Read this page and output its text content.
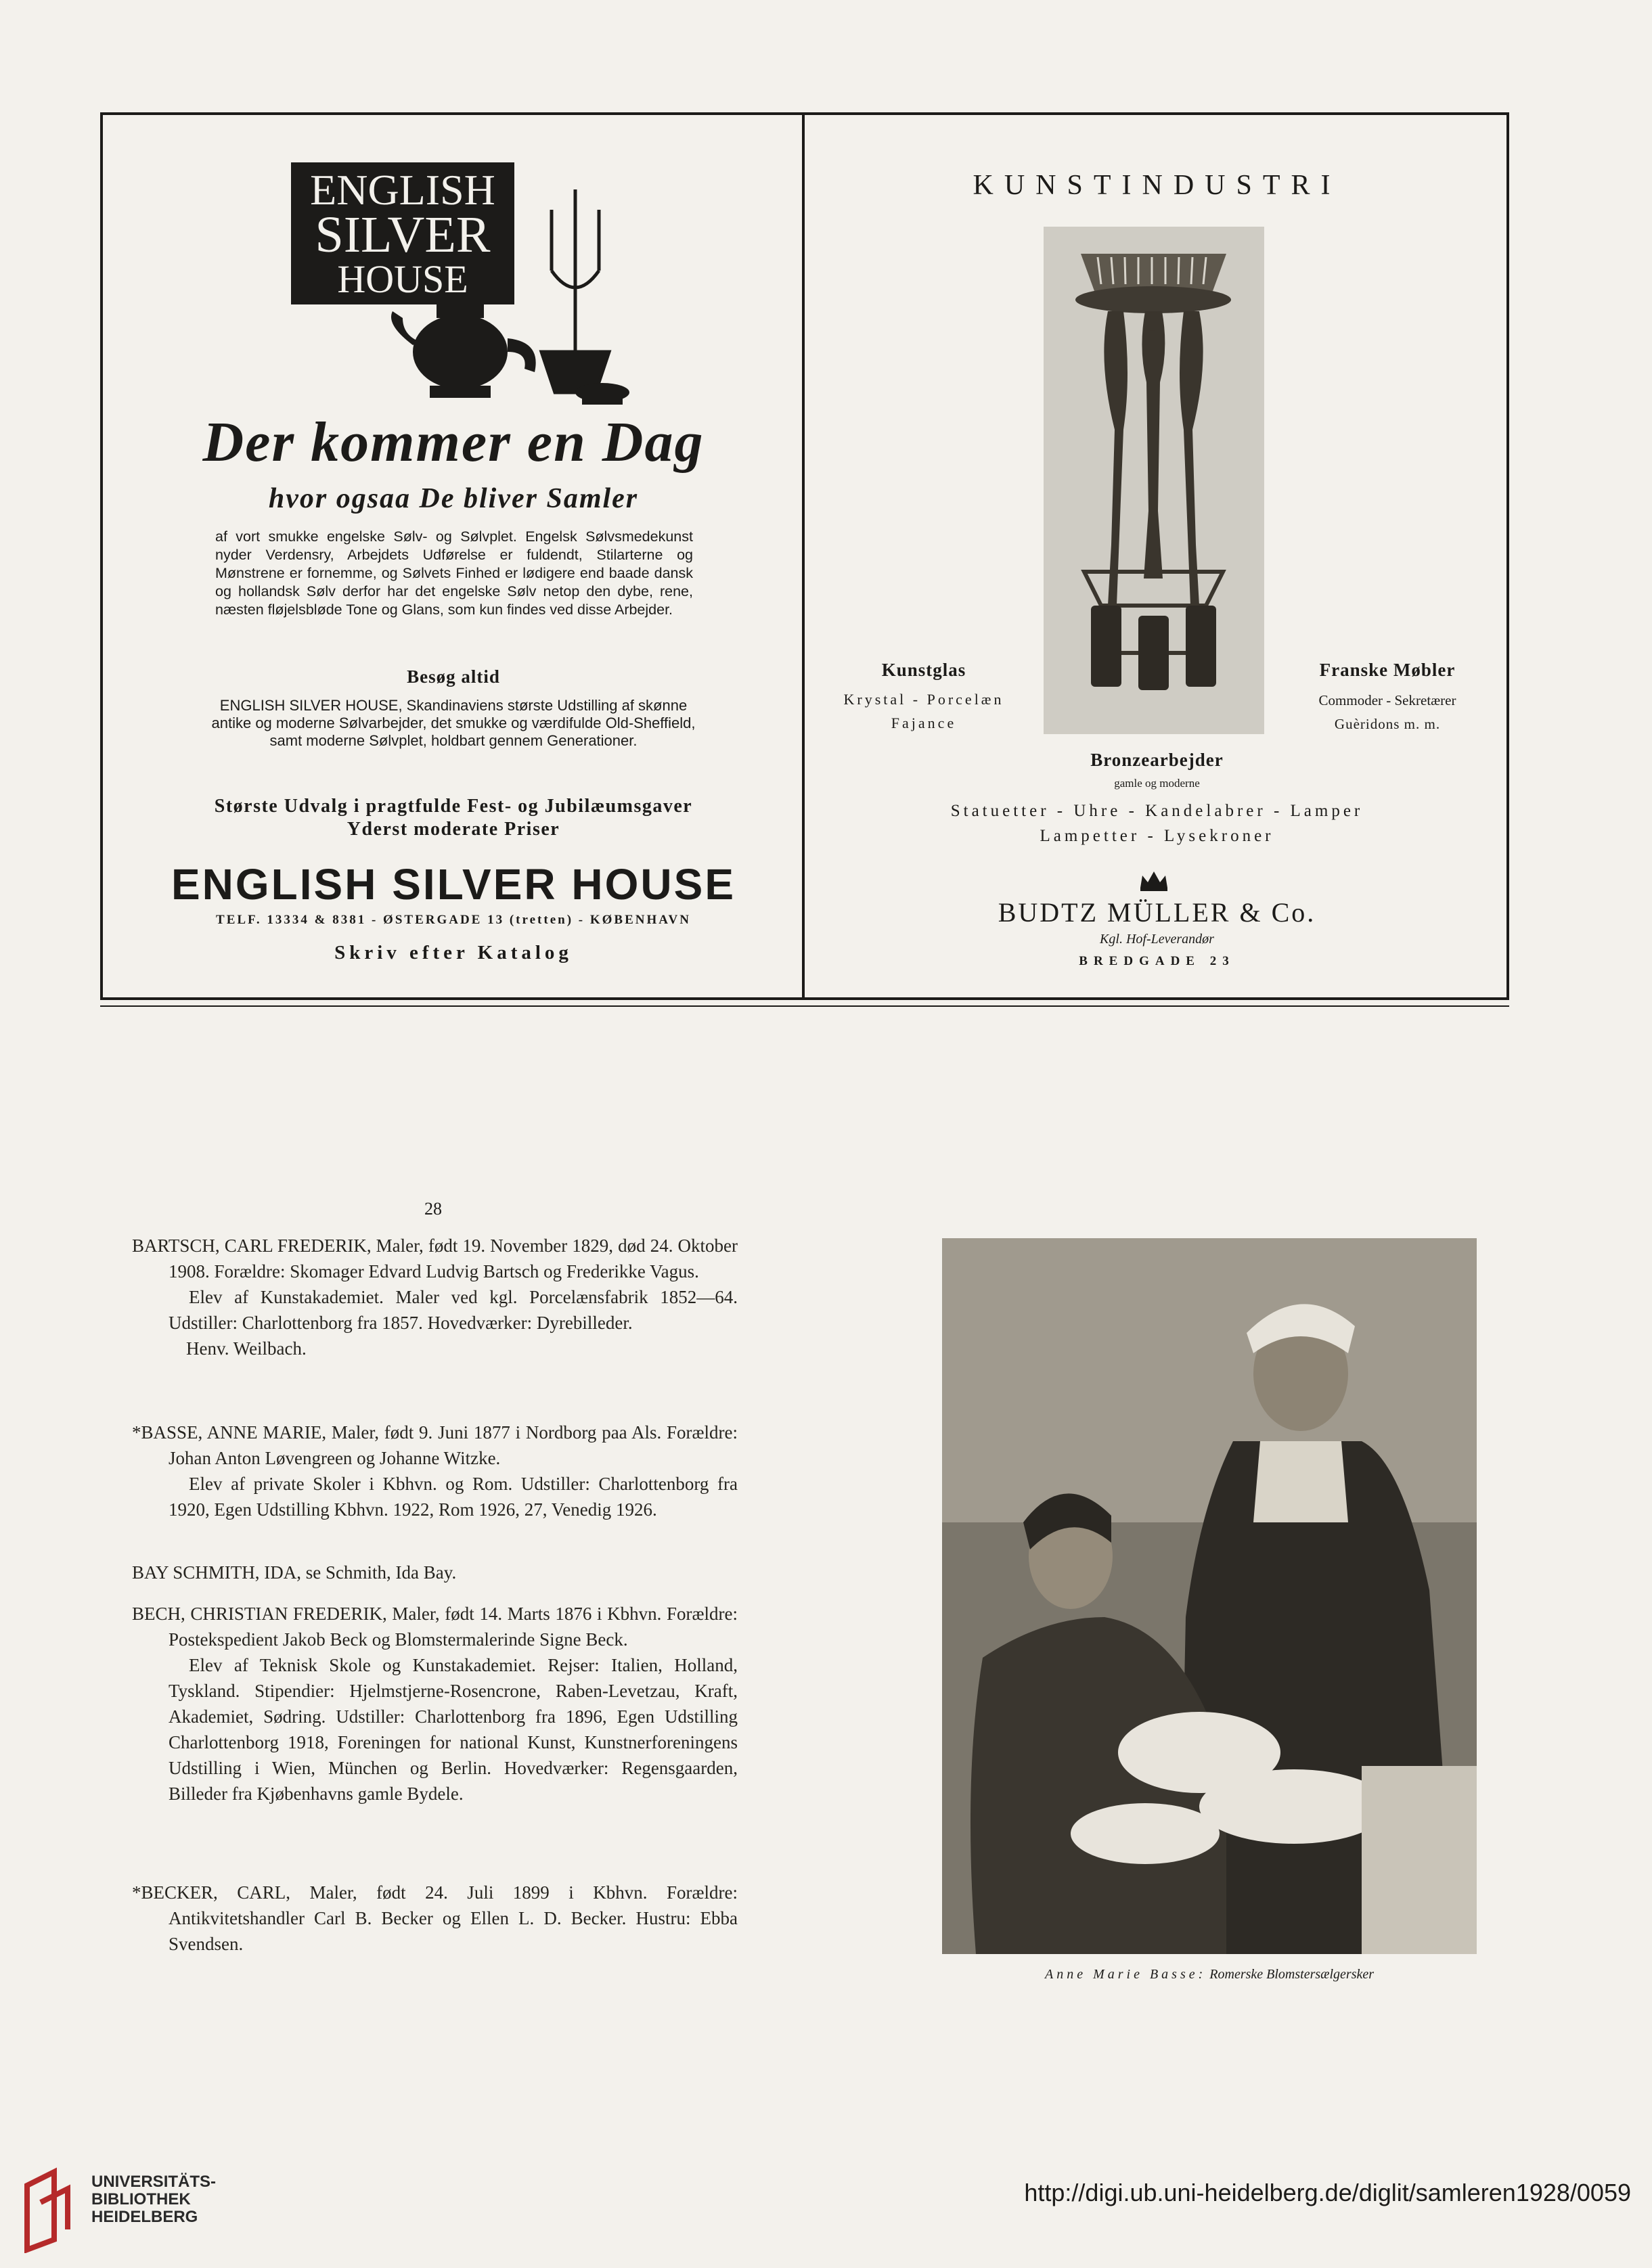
ENGLISH
SILVER
HOUSE
Der kommer en Dag
hvor ogsaa De bliver Samler
af vort smukke engelske Sølv- og Sølvplet. Engelsk Sølvsmedekunst nyder Verdensry, Arbejdets Udførelse er fuldendt, Stilarterne og Mønstrene er fornemme, og Sølvets Finhed er lødigere end baade dansk og hollandsk Sølv derfor har det engelske Sølv netop den dybe, rene, næsten fløjelsbløde Tone og Glans, som kun findes ved disse Arbejder.
Besøg altid
ENGLISH SILVER HOUSE, Skandinaviens største Udstilling af skønne antike og moderne Sølvarbejder, det smukke og værdifulde Old-Sheffield, samt moderne Sølvplet, holdbart gennem Generationer.
Største Udvalg i pragtfulde Fest- og Jubilæumsgaver
Yderst moderate Priser
ENGLISH SILVER HOUSE
TELF. 13334 & 8381 - ØSTERGADE 13 (tretten) - KØBENHAVN
Skriv efter Katalog
KUNSTINDUSTRI
Kunstglas
Krystal - Porcelæn
Fajance
Franske Møbler
Commoder - Sekretærer
Guèridons m. m.
Bronzearbejder
gamle og moderne
Statuetter - Uhre - Kandelabrer - Lamper
Lampetter - Lysekroner
BUDTZ MÜLLER & Co.
Kgl. Hof-Leverandør
BREDGADE 23
28

BARTSCH, CARL FREDERIK, Maler, født 19. November 1829, død 24. Oktober 1908. Forældre: Skomager Edvard Ludvig Bartsch og Frederikke Vagus.

Elev af Kunstakademiet. Maler ved kgl. Porcelænsfabrik 1852—64. Udstiller: Charlottenborg fra 1857. Hovedværker: Dyrebilleder.

Henv. Weilbach.

*BASSE, ANNE MARIE, Maler, født 9. Juni 1877 i Nordborg paa Als. Forældre: Johan Anton Løvengreen og Johanne Witzke.

Elev af private Skoler i Kbhvn. og Rom. Udstiller: Charlottenborg fra 1920, Egen Udstilling Kbhvn. 1922, Rom 1926, 27, Venedig 1926.

BAY SCHMITH, IDA, se Schmith, Ida Bay.

BECH, CHRISTIAN FREDERIK, Maler, født 14. Marts 1876 i Kbhvn. Forældre: Postekspedient Jakob Beck og Blomstermalerinde Signe Beck.

Elev af Teknisk Skole og Kunstakademiet. Rejser: Italien, Holland, Tyskland. Stipendier: Hjelmstjerne-Rosencrone, Raben-Levetzau, Kraft, Akademiet, Sødring. Udstiller: Charlottenborg fra 1896, Egen Udstilling Charlottenborg 1918, Foreningen for national Kunst, Kunstnerforeningens Udstilling i Wien, München og Berlin. Hovedværker: Regensgaarden, Billeder fra Kjøbenhavns gamle Bydele.

*BECKER, CARL, Maler, født 24. Juli 1899 i Kbhvn. Forældre: Antikvitetshandler Carl B. Becker og Ellen L. D. Becker. Hustru: Ebba Svendsen.

Anne Marie Basse: Romerske Blomstersælgersker
UNIVERSITÄTS-
BIBLIOTHEK
HEIDELBERG
http://digi.ub.uni-heidelberg.de/diglit/samleren1928/0059
